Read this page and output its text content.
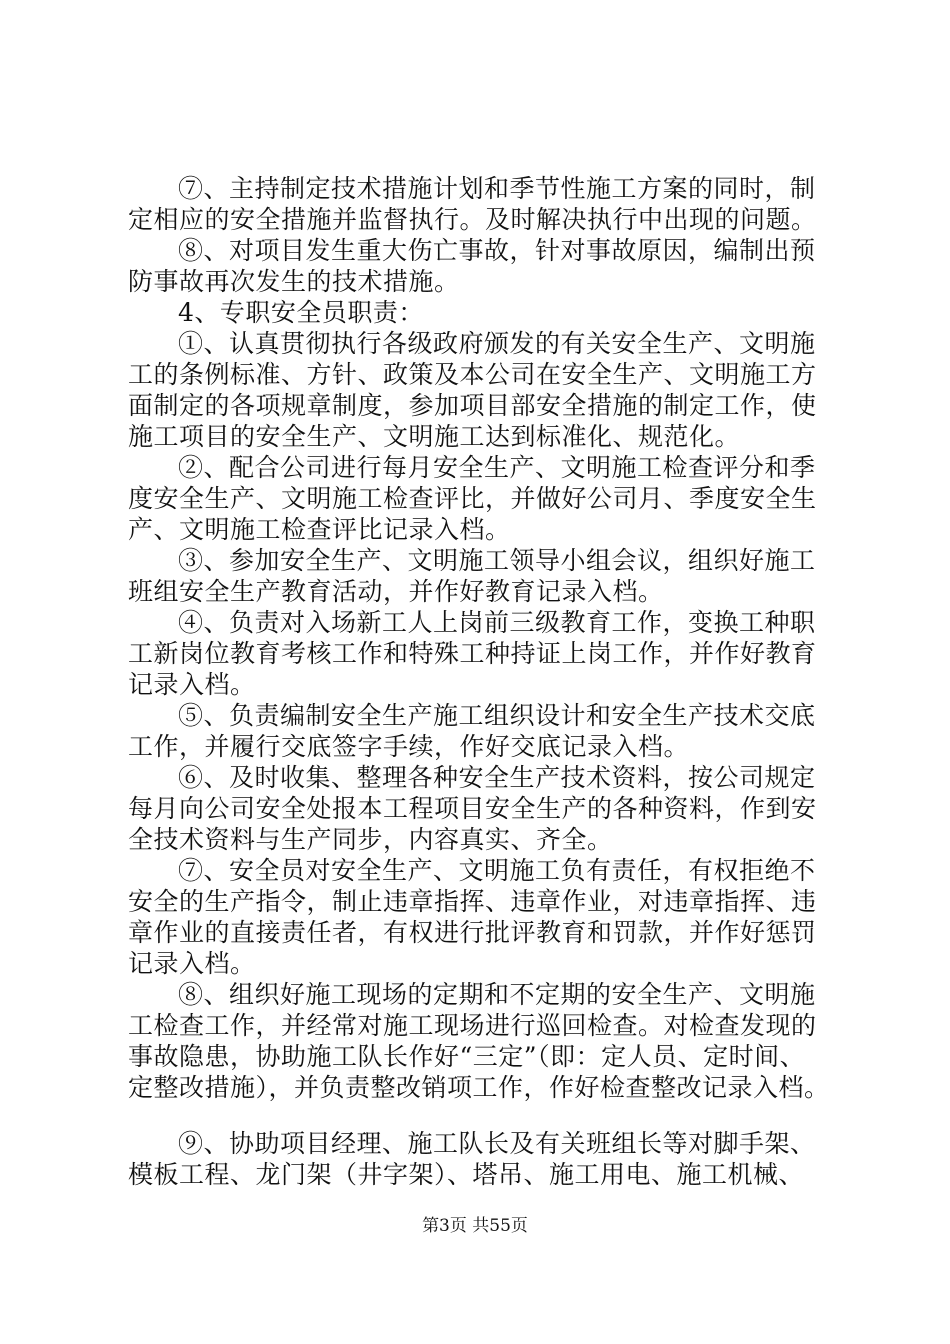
⑦、主持制定技术措施计划和季节性施工方案的同时，制
定相应的安全措施并监督执行。及时解决执行中出现的问题。
⑧、对项目发生重大伤亡事故，针对事故原因，编制出预
防事故再次发生的技术措施。
4、专职安全员职责：
①、认真贯彻执行各级政府颁发的有关安全生产、文明施
工的条例标准、方针、政策及本公司在安全生产、文明施工方
面制定的各项规章制度，参加项目部安全措施的制定工作，使
施工项目的安全生产、文明施工达到标准化、规范化。
②、配合公司进行每月安全生产、文明施工检查评分和季
度安全生产、文明施工检查评比，并做好公司月、季度安全生
产、文明施工检查评比记录入档。
③、参加安全生产、文明施工领导小组会议，组织好施工
班组安全生产教育活动，并作好教育记录入档。
④、负责对入场新工人上岗前三级教育工作，变换工种职
工新岗位教育考核工作和特殊工种持证上岗工作，并作好教育
记录入档。
⑤、负责编制安全生产施工组织设计和安全生产技术交底
工作，并履行交底签字手续，作好交底记录入档。
⑥、及时收集、整理各种安全生产技术资料，按公司规定
每月向公司安全处报本工程项目安全生产的各种资料，作到安
全技术资料与生产同步，内容真实、齐全。
⑦、安全员对安全生产、文明施工负有责任，有权拒绝不
安全的生产指令，制止违章指挥、违章作业，对违章指挥、违
章作业的直接责任者，有权进行批评教育和罚款，并作好惩罚
记录入档。
⑧、组织好施工现场的定期和不定期的安全生产、文明施
工检查工作，并经常对施工现场进行巡回检查。对检查发现的
事故隐患，协助施工队长作好“三定”（即：定人员、定时间、
定整改措施），并负责整改销项工作，作好检查整改记录入档。
⑨、协助项目经理、施工队长及有关班组长等对脚手架、
模板工程、龙门架（井字架）、塔吊、施工用电、施工机械、
第3页 共55页
